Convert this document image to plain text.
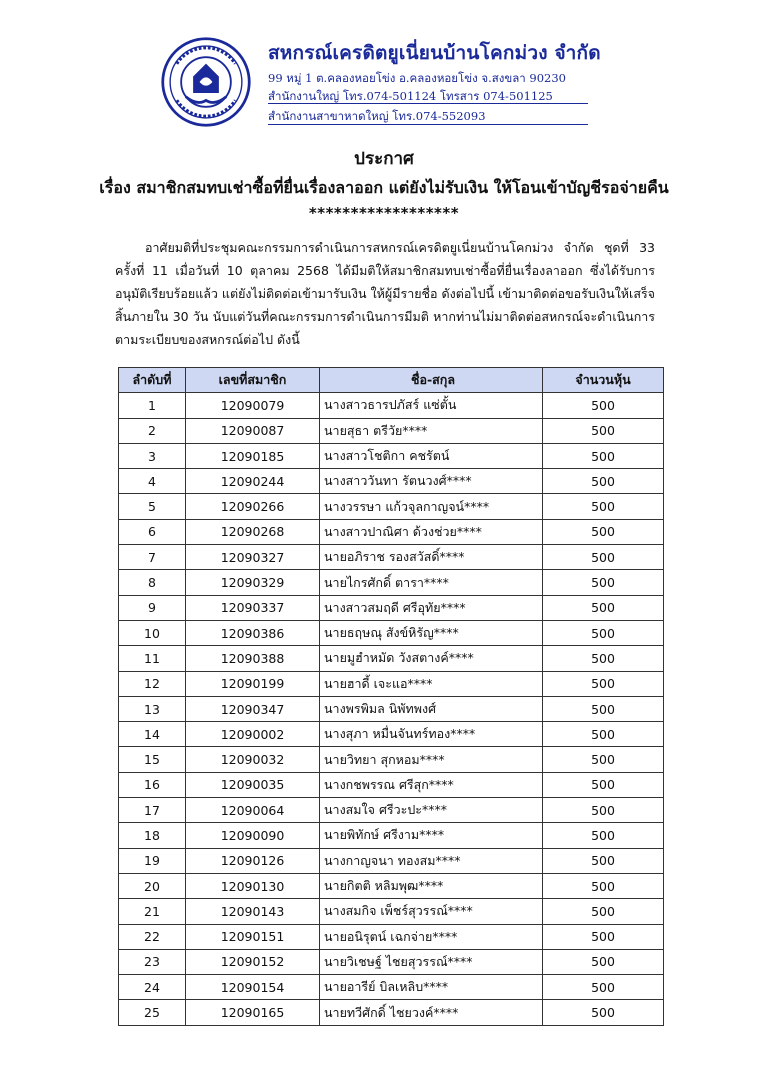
สหกรณ์เครดิตยูเนี่ยนบ้านโคกม่วง จำกัด
99 หมู่ 1 ต.คลองหอยโข่ง อ.คลองหอยโข่ง จ.สงขลา 90230
สำนักงานใหญ่ โทร.074-501124 โทรสาร 074-501125
สำนักงานสาขาหาดใหญ่ โทร.074-552093
ประกาศ
เรื่อง สมาชิกสมทบเช่าซื้อที่ยื่นเรื่องลาออก แต่ยังไม่รับเงิน ให้โอนเข้าบัญชีรอจ่ายคืน
******************
อาศัยมติที่ประชุมคณะกรรมการดำเนินการสหกรณ์เครดิตยูเนี่ยนบ้านโคกม่วง จำกัด ชุดที่ 33 ครั้งที่ 11 เมื่อวันที่ 10 ตุลาคม 2568 ได้มีมติให้สมาชิกสมทบเช่าซื้อที่ยื่นเรื่องลาออก ซึ่งได้รับการอนุมัติเรียบร้อยแล้ว แต่ยังไม่ติดต่อเข้ามารับเงิน ให้ผู้มีรายชื่อ ดังต่อไปนี้ เข้ามาติดต่อขอรับเงินให้เสร็จสิ้นภายใน 30 วัน นับแต่วันที่คณะกรรมการดำเนินการมีมติ หากท่านไม่มาติดต่อสหกรณ์จะดำเนินการตามระเบียบของสหกรณ์ต่อไป ดังนี้
ลำดับที่	เลขที่สมาชิก	ชื่อ-สกุล	จำนวนหุ้น
1	12090079	นางสาวธารปภัสร์ แซ่ตั้น	500
2	12090087	นายสุธา ตรีวัย****	500
3	12090185	นางสาวโชติกา คชรัตน์	500
4	12090244	นางสาววันทา รัตนวงศ์****	500
5	12090266	นางวรรษา แก้วจุลกาญจน์****	500
6	12090268	นางสาวปาณิศา ด้วงช่วย****	500
7	12090327	นายอภิราช รองสวัสดิ์****	500
8	12090329	นายไกรศักดิ์ ตารา****	500
9	12090337	นางสาวสมฤดี ศรีอุทัย****	500
10	12090386	นายธฤษณุ สังข์หิรัญ****	500
11	12090388	นายมูฮำหมัด วังสตางค์****	500
12	12090199	นายฮาดี้ เจะแอ****	500
13	12090347	นางพรพิมล นิพัทพงศ์	500
14	12090002	นางสุภา หมื่นจันทร์ทอง****	500
15	12090032	นายวิทยา สุกหอม****	500
16	12090035	นางกชพรรณ ศรีสุก****	500
17	12090064	นางสมใจ ศรีวะปะ****	500
18	12090090	นายพิทักษ์ ศรีงาม****	500
19	12090126	นางกาญจนา ทองสม****	500
20	12090130	นายกิตติ หลิมพุฒ****	500
21	12090143	นางสมกิจ เพ็ชร์สุวรรณ์****	500
22	12090151	นายอนิรุตน์ เฉกจ่าย****	500
23	12090152	นายวิเชษฐ์ ไชยสุวรรณ์****	500
24	12090154	นายอารีย์ บิลเหลิบ****	500
25	12090165	นายทวีศักดิ์ ไชยวงค์****	500
